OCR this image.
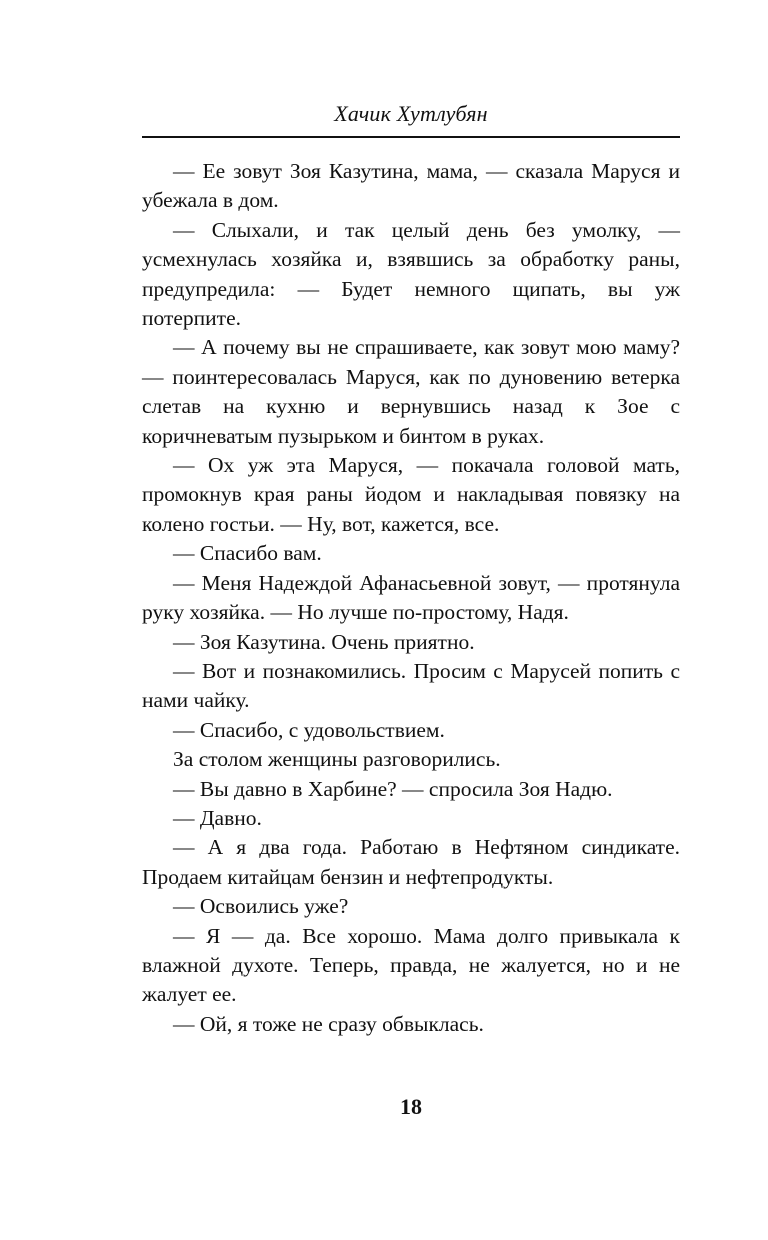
Хачик Хутлубян

— Ее зовут Зоя Казутина, мама, — сказала Маруся и убежала в дом.

— Слыхали, и так целый день без умолку, — усмехнулась хозяйка и, взявшись за обработку раны, предупредила: — Будет немного щипать, вы уж потерпите.

— А почему вы не спрашиваете, как зовут мою маму? — поинтересовалась Маруся, как по дуновению ветерка слетав на кухню и вернувшись назад к Зое с коричневатым пузырьком и бинтом в руках.

— Ох уж эта Маруся, — покачала головой мать, промокнув края раны йодом и накладывая повязку на колено гостьи. — Ну, вот, кажется, все.

— Спасибо вам.

— Меня Надеждой Афанасьевной зовут, — протянула руку хозяйка. — Но лучше по-простому, Надя.

— Зоя Казутина. Очень приятно.

— Вот и познакомились. Просим с Марусей попить с нами чайку.

— Спасибо, с удовольствием.

За столом женщины разговорились.

— Вы давно в Харбине? — спросила Зоя Надю.

— Давно.

— А я два года. Работаю в Нефтяном синдикате. Продаем китайцам бензин и нефтепродукты.

— Освоились уже?

— Я — да. Все хорошо. Мама долго привыкала к влажной духоте. Теперь, правда, не жалуется, но и не жалует ее.

— Ой, я тоже не сразу обвыклась.

18
